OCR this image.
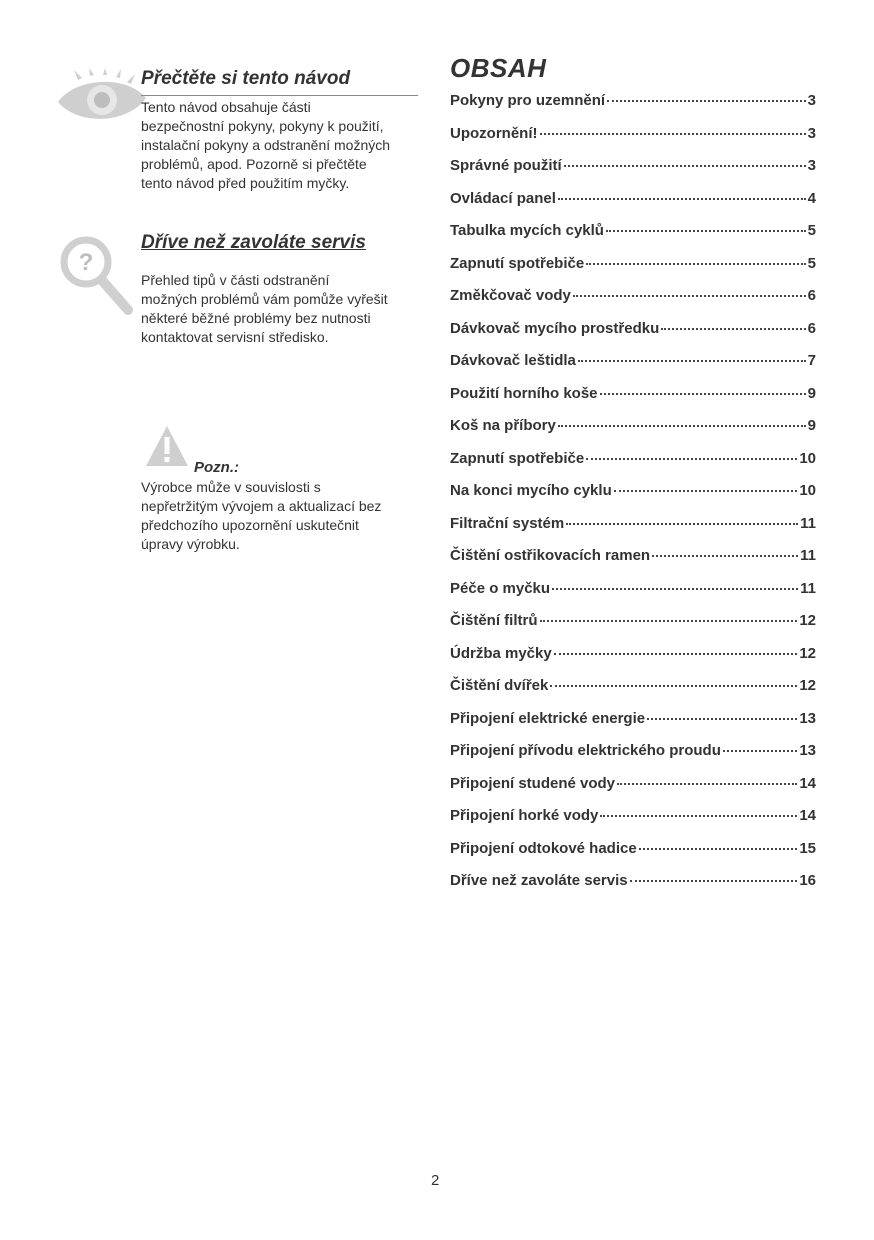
Přečtěte si tento návod

Tento návod obsahuje části

bezpečnostní pokyny, pokyny k použití,

instalační pokyny a odstranění možných

problémů, apod. Pozorně si přečtěte

tento návod před použitím myčky.

?
Dříve než zavoláte servis

Přehled tipů v části odstranění

možných problémů vám pomůže vyřešit

některé běžné problémy bez nutnosti

kontaktovat servisní středisko.

Pozn.:

Výrobce může v souvislosti s

nepřetržitým vývojem a aktualizací bez

předchozího upozornění uskutečnit

úpravy výrobku.

OBSAH
Pokyny pro uzemnění	3
Upozornění!	3
Správné použití	3
Ovládací panel	4
Tabulka mycích cyklů	5
Zapnutí spotřebiče	5
Změkčovač vody	6
Dávkovač mycího prostředku	6
Dávkovač leštidla	7
Použití horního koše	9
Koš na příbory	9
Zapnutí spotřebiče	10
Na konci mycího cyklu	10
Filtrační systém	11
Čištění ostřikovacích ramen	11
Péče o myčku	11
Čištění filtrů	12
Údržba myčky	12
Čištění dvířek	12
Připojení elektrické energie	13
Připojení přívodu elektrického proudu	13
Připojení studené vody	14
Připojení horké vody	14
Připojení odtokové hadice	15
Dříve než zavoláte servis	16
2
